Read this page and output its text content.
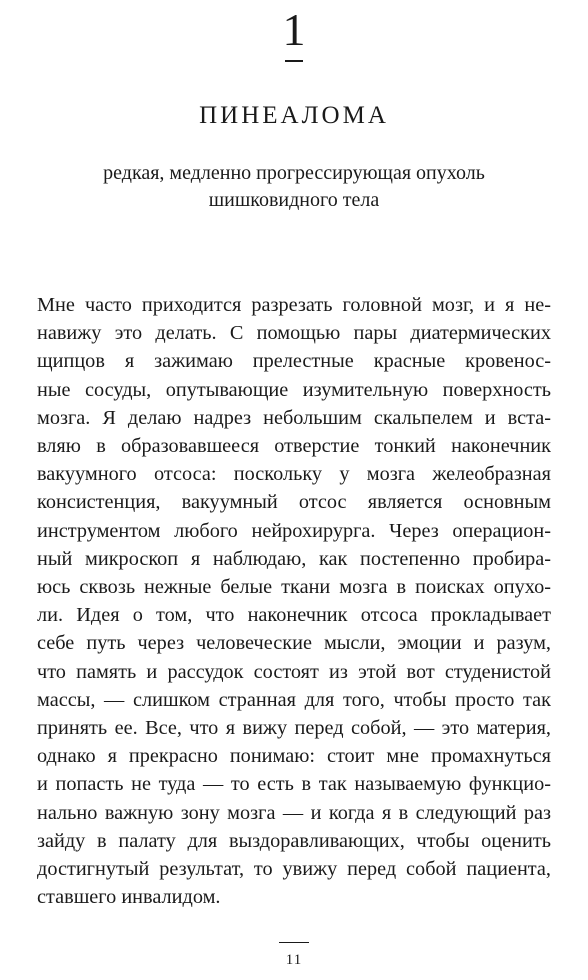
1
ПИНЕАЛОМА
редкая, медленно прогрессирующая опухоль
шишковидного тела
Мне часто приходится разрезать головной мозг, и я не-
навижу это делать. С помощью пары диатермических
щипцов я зажимаю прелестные красные кровенос-
ные сосуды, опутывающие изумительную поверхность
мозга. Я делаю надрез небольшим скальпелем и вста-
вляю в образовавшееся отверстие тонкий наконечник
вакуумного отсоса: поскольку у мозга желеобразная
консистенция, вакуумный отсос является основным
инструментом любого нейрохирурга. Через операцион-
ный микроскоп я наблюдаю, как постепенно пробира-
юсь сквозь нежные белые ткани мозга в поисках опухо-
ли. Идея о том, что наконечник отсоса прокладывает
себе путь через человеческие мысли, эмоции и разум,
что память и рассудок состоят из этой вот студенистой
массы, — слишком странная для того, чтобы просто так
принять ее. Все, что я вижу перед собой, — это материя,
однако я прекрасно понимаю: стоит мне промахнуться
и попасть не туда — то есть в так называемую функцио-
нально важную зону мозга — и когда я в следующий раз
зайду в палату для выздоравливающих, чтобы оценить
достигнутый результат, то увижу перед собой пациента,
ставшего инвалидом.
11
